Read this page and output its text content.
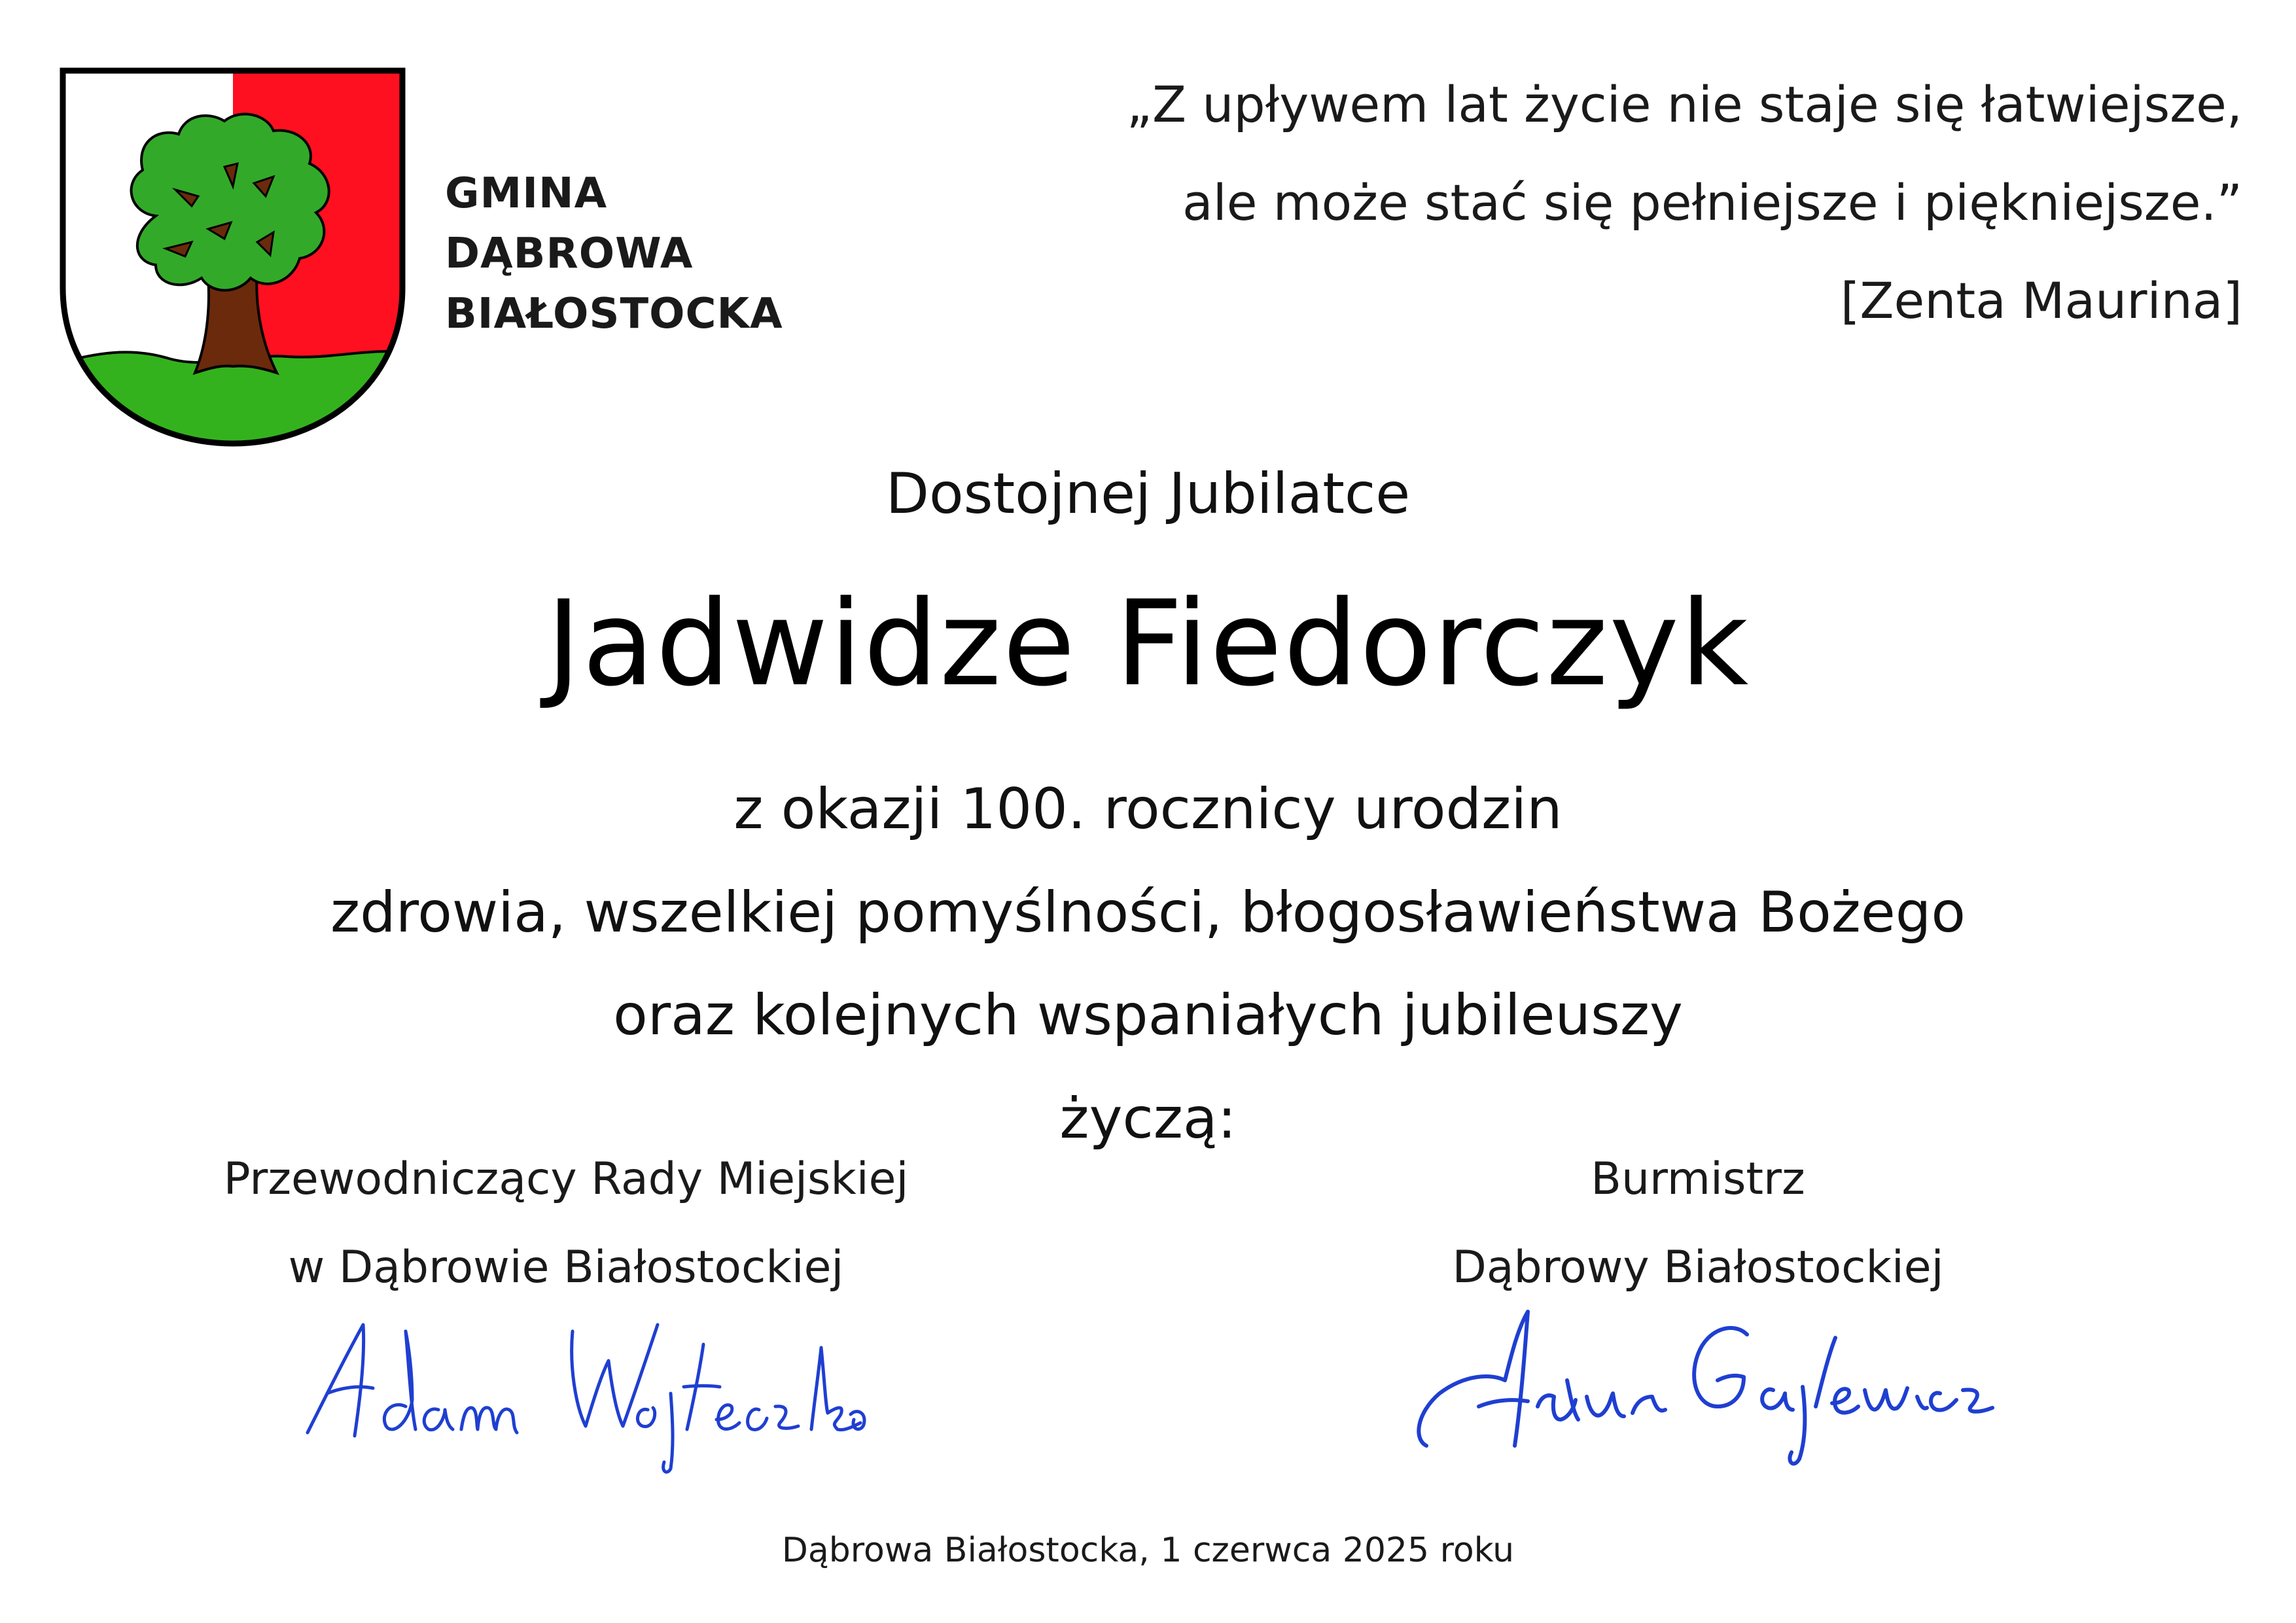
GMINA
DĄBROWA
BIAŁOSTOCKA
„Z upływem lat życie nie staje się łatwiejsze,
ale może stać się pełniejsze i piękniejsze.”
[Zenta Maurina]
Dostojnej Jubilatce
Jadwidze Fiedorczyk
z okazji 100. rocznicy urodzin
zdrowia, wszelkiej pomyślności, błogosławieństwa Bożego
oraz kolejnych wspaniałych jubileuszy
życzą:
Przewodniczący Rady Miejskiej
w Dąbrowie Białostockiej
Burmistrz
Dąbrowy Białostockiej
Dąbrowa Białostocka, 1 czerwca 2025 roku
